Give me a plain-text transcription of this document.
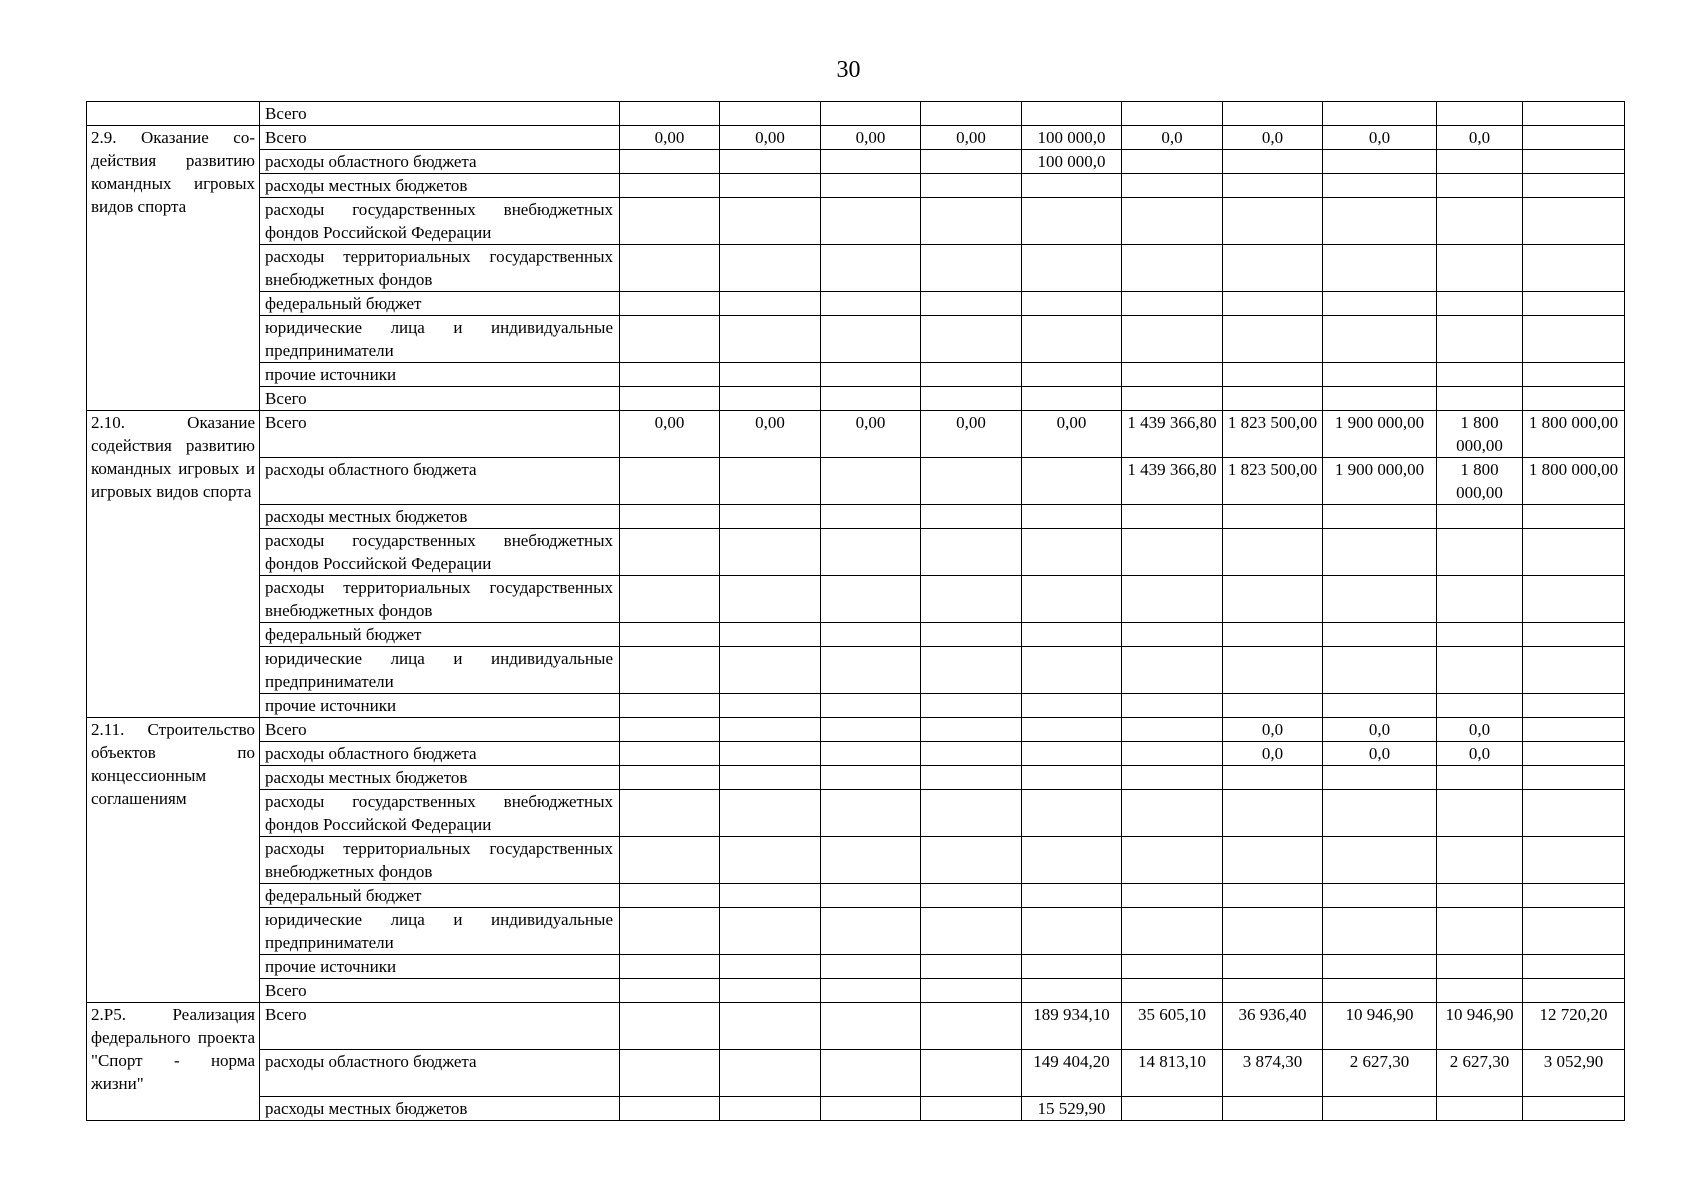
30
	Всего										
2.9. Оказание содействия развитию командных игровых видов спорта	Всего	0,00	0,00	0,00	0,00	100 000,0	0,0	0,0	0,0	0,0	
	расходы областного бюджета					100 000,0					
	расходы местных бюджетов										
	расходы государственных внебюджетных фондов Российской Федерации										
	расходы территориальных государственных внебюджетных фондов										
	федеральный бюджет										
	юридические лица и индивидуальные предприниматели										
	прочие источники										
	Всего										
2.10. Оказание содействия развитию командных игровых и игровых видов спорта	Всего	0,00	0,00	0,00	0,00	0,00	1 439 366,80	1 823 500,00	1 900 000,00	1 800 000,00	1 800 000,00
	расходы областного бюджета						1 439 366,80	1 823 500,00	1 900 000,00	1 800 000,00	1 800 000,00
	расходы местных бюджетов										
	расходы государственных внебюджетных фондов Российской Федерации										
	расходы территориальных государственных внебюджетных фондов										
	федеральный бюджет										
	юридические лица и индивидуальные предприниматели										
	прочие источники										
2.11. Строительство объектов по концессионным соглашениям	Всего							0,0	0,0	0,0	
	расходы областного бюджета							0,0	0,0	0,0	
	расходы местных бюджетов										
	расходы государственных внебюджетных фондов Российской Федерации										
	расходы территориальных государственных внебюджетных фондов										
	федеральный бюджет										
	юридические лица и индивидуальные предприниматели										
	прочие источники										
	Всего										
2.Р5. Реализация федерального проекта "Спорт - норма жизни"	Всего					189 934,10	35 605,10	36 936,40	10 946,90	10 946,90	12 720,20
	расходы областного бюджета					149 404,20	14 813,10	3 874,30	2 627,30	2 627,30	3 052,90
	расходы местных бюджетов					15 529,90					
